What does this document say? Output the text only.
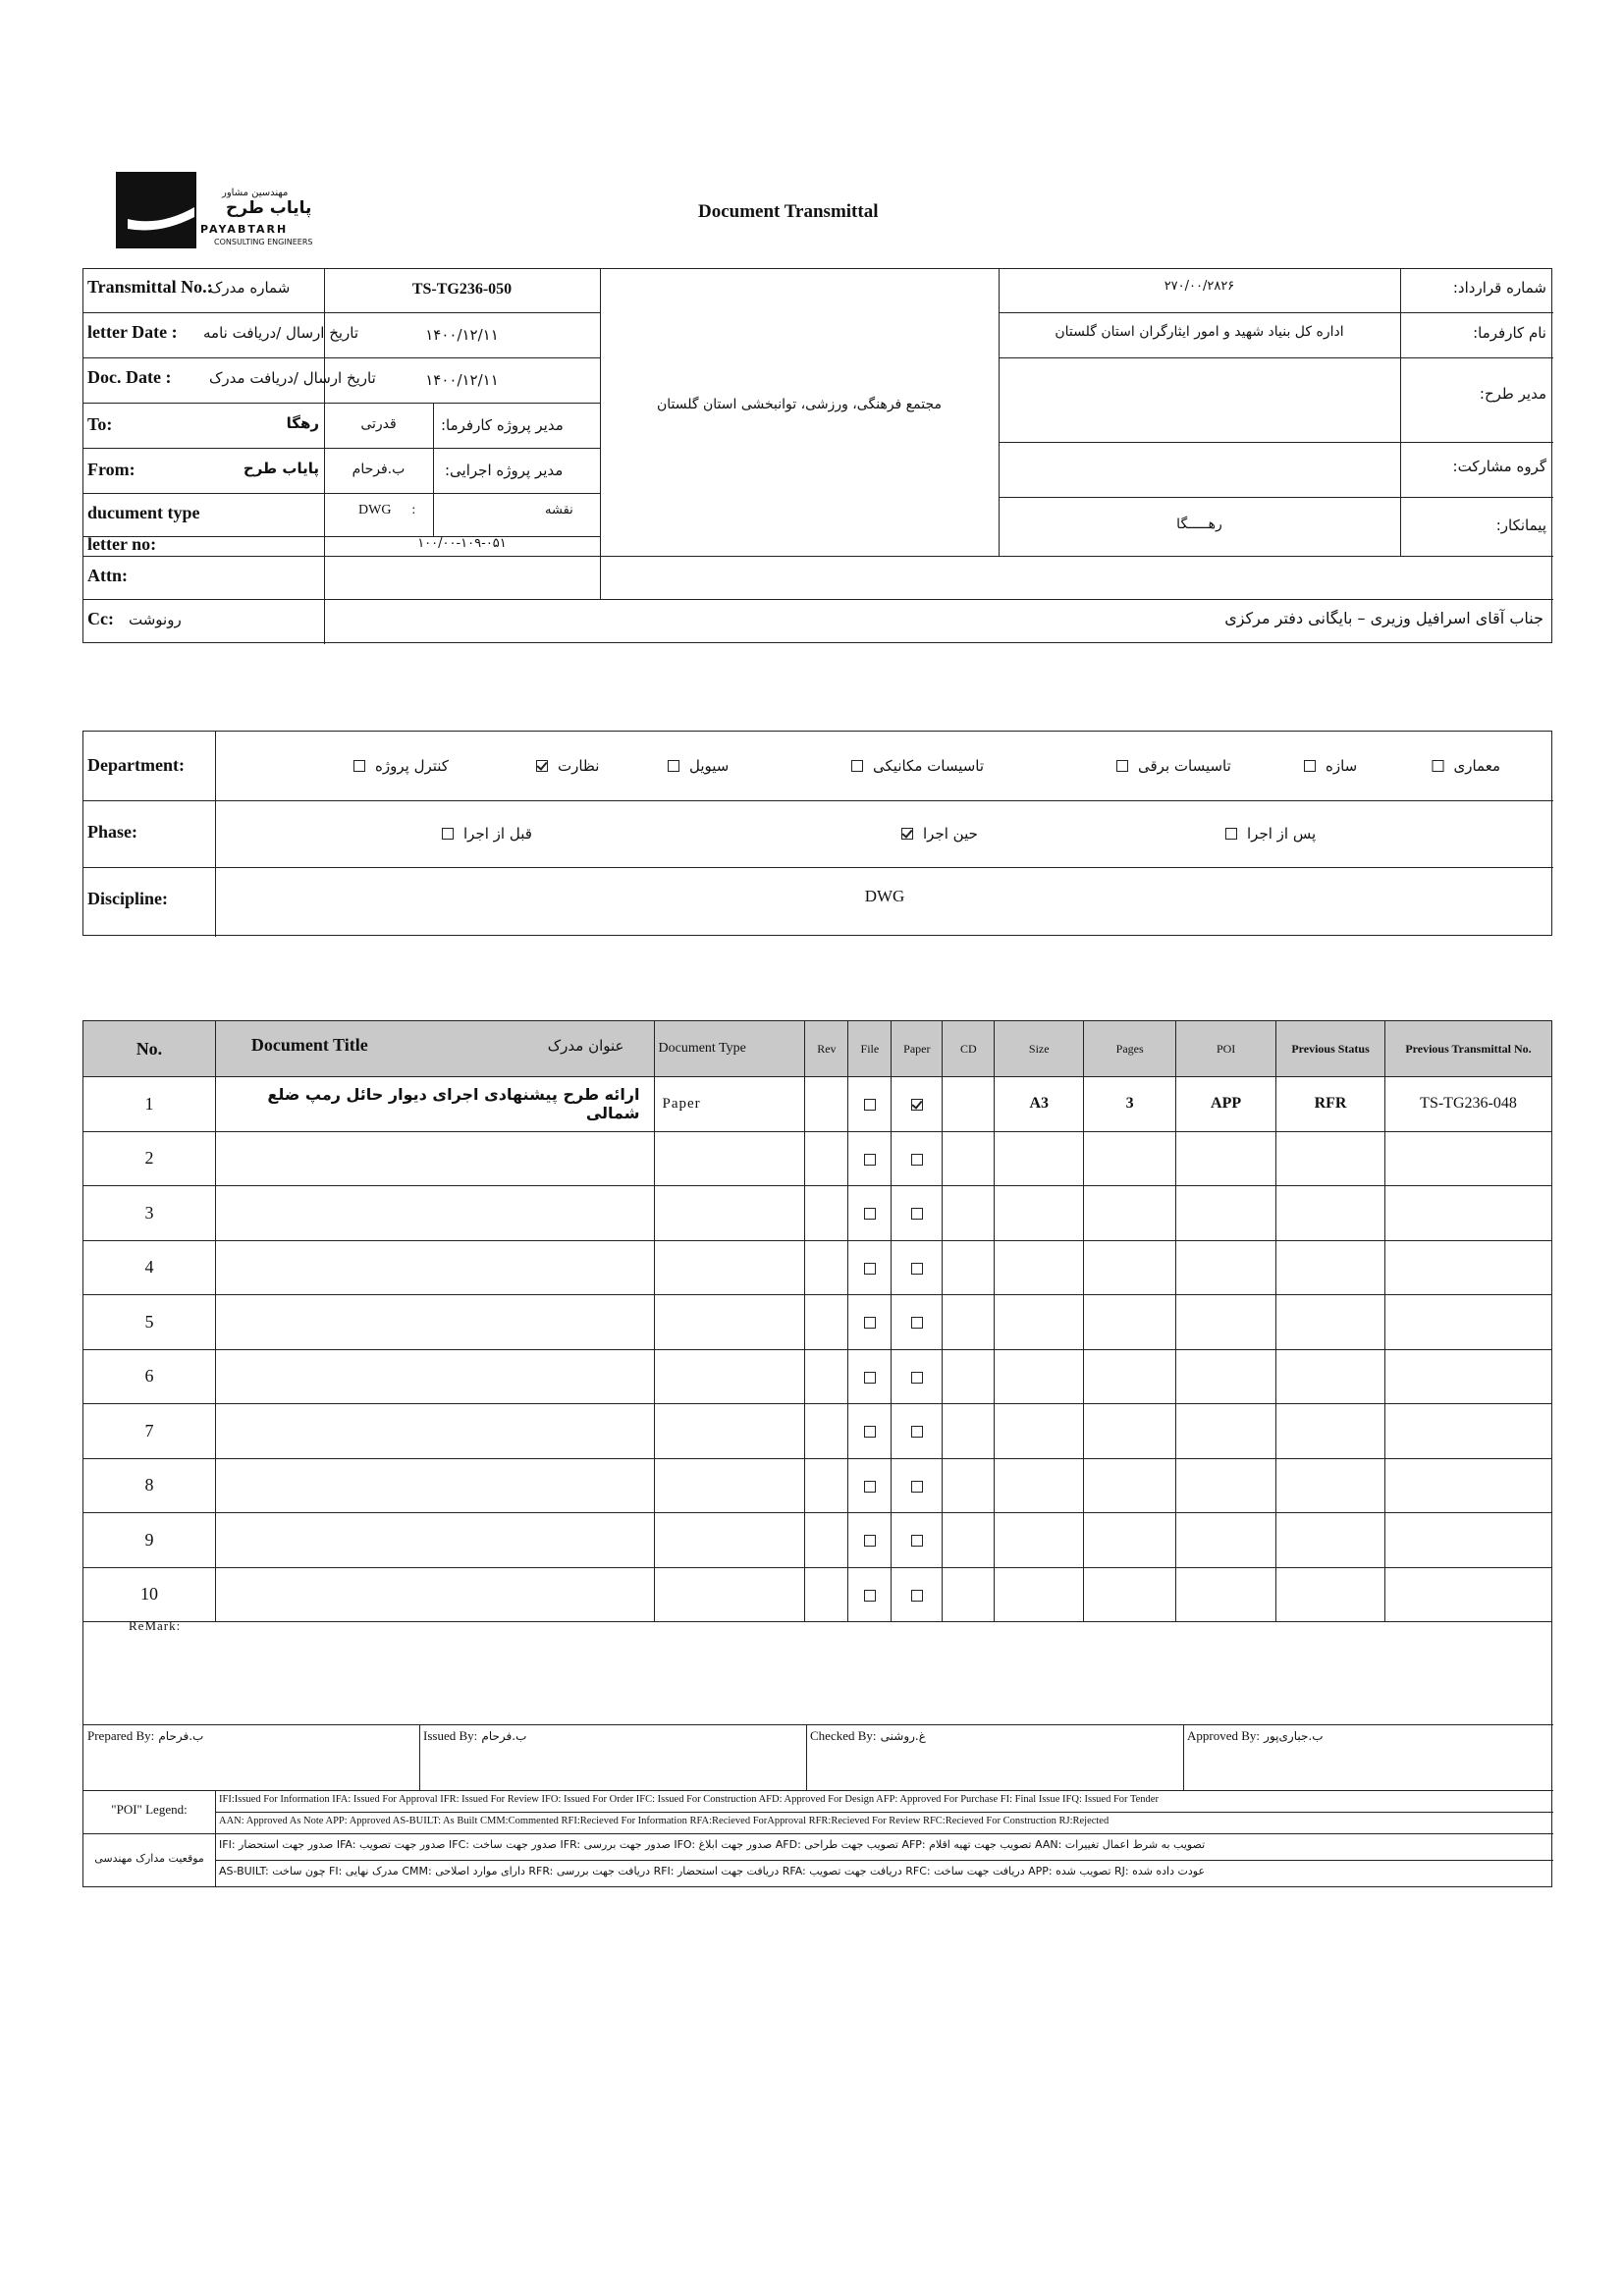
مهندسین مشاور
پایاب طرح
PAYABTARH
CONSULTING ENGINEERS
Document Transmittal
Transmittal No.:
شماره مدرک	TS-TG236-050
letter Date : تاریخ ارسال /دریافت نامه	۱۴۰۰/۱۲/۱۱
Doc. Date :	تاریخ ارسال /دریافت مدرک	۱۴۰۰/۱۲/۱۱
To:	رهگا	قدرتی	مدیر پروژه کارفرما:
From:	پایاب طرح	ب.فرحام	مدیر پروژه اجرایی:
ducument type	DWG      :	نقشه
letter no:	۱۰۰/۰۰-۱۰۹-۰۵۱
مجتمع فرهنگی، ورزشی، توانبخشی استان گلستان
۲۷۰/۰۰/۲۸۲۶	شماره قرارداد:
اداره کل بنیاد شهید و امور ایثارگران استان گلستان	نام کارفرما:
مدیر طرح:
گروه مشارکت:
رهـــــگا	پیمانکار:
Attn:
Cc: رونوشت	جناب آقای اسرافیل وزیری – بایگانی دفتر مرکزی
Department:	معماری
سازه
تاسیسات برقی
تاسیسات مکانیکی
سیویل
نظارت
کنترل پروژه
Phase:	پس از اجرا
حین اجرا
قبل از اجرا
Discipline:	DWG
No.	Document Title عنوان مدرک	Document Type	Rev	File	Paper	CD	Size	Pages	POI	Previous Status	Previous Transmittal No.
1	ارائه طرح پیشنهادی اجرای دیوار حائل رمپ ضلع شمالی	Paper					A3	3	APP	RFR	TS-TG236-048
2											
3											
4											
5											
6											
7											
8											
9											
10											
ReMark:
Prepared By: ب.فرحام	Issued By: ب.فرحام	Checked By: غ.روشنی	Approved By: ب.جباری‌پور
"POI" Legend:
IFI:Issued For Information IFA: Issued For Approval IFR: Issued For Review IFO: Issued For Order IFC: Issued For Construction AFD: Approved For Design AFP: Approved For Purchase FI: Final Issue IFQ: Issued For Tender
AAN: Approved As Note APP: Approved AS-BUILT: As Built CMM:Commented RFI:Recieved For Information RFA:Recieved ForApproval RFR:Recieved For Review RFC:Recieved For Construction RJ:Rejected
موقعیت مدارک مهندسی
IFI: صدور جهت استحضار IFA: صدور جهت تصویب IFC: صدور جهت ساخت IFR: صدور جهت بررسی IFO: صدور جهت ابلاغ AFD: تصویب جهت طراحی AFP: تصویب جهت تهیه اقلام AAN: تصویب به شرط اعمال تغییرات
AS-BUILT: چون ساخت FI: مدرک نهایی CMM: دارای موارد اصلاحی RFR: دریافت جهت بررسی RFI: دریافت جهت استحضار RFA: دریافت جهت تصویب RFC: دریافت جهت ساخت APP: تصویب شده RJ: عودت داده شده
